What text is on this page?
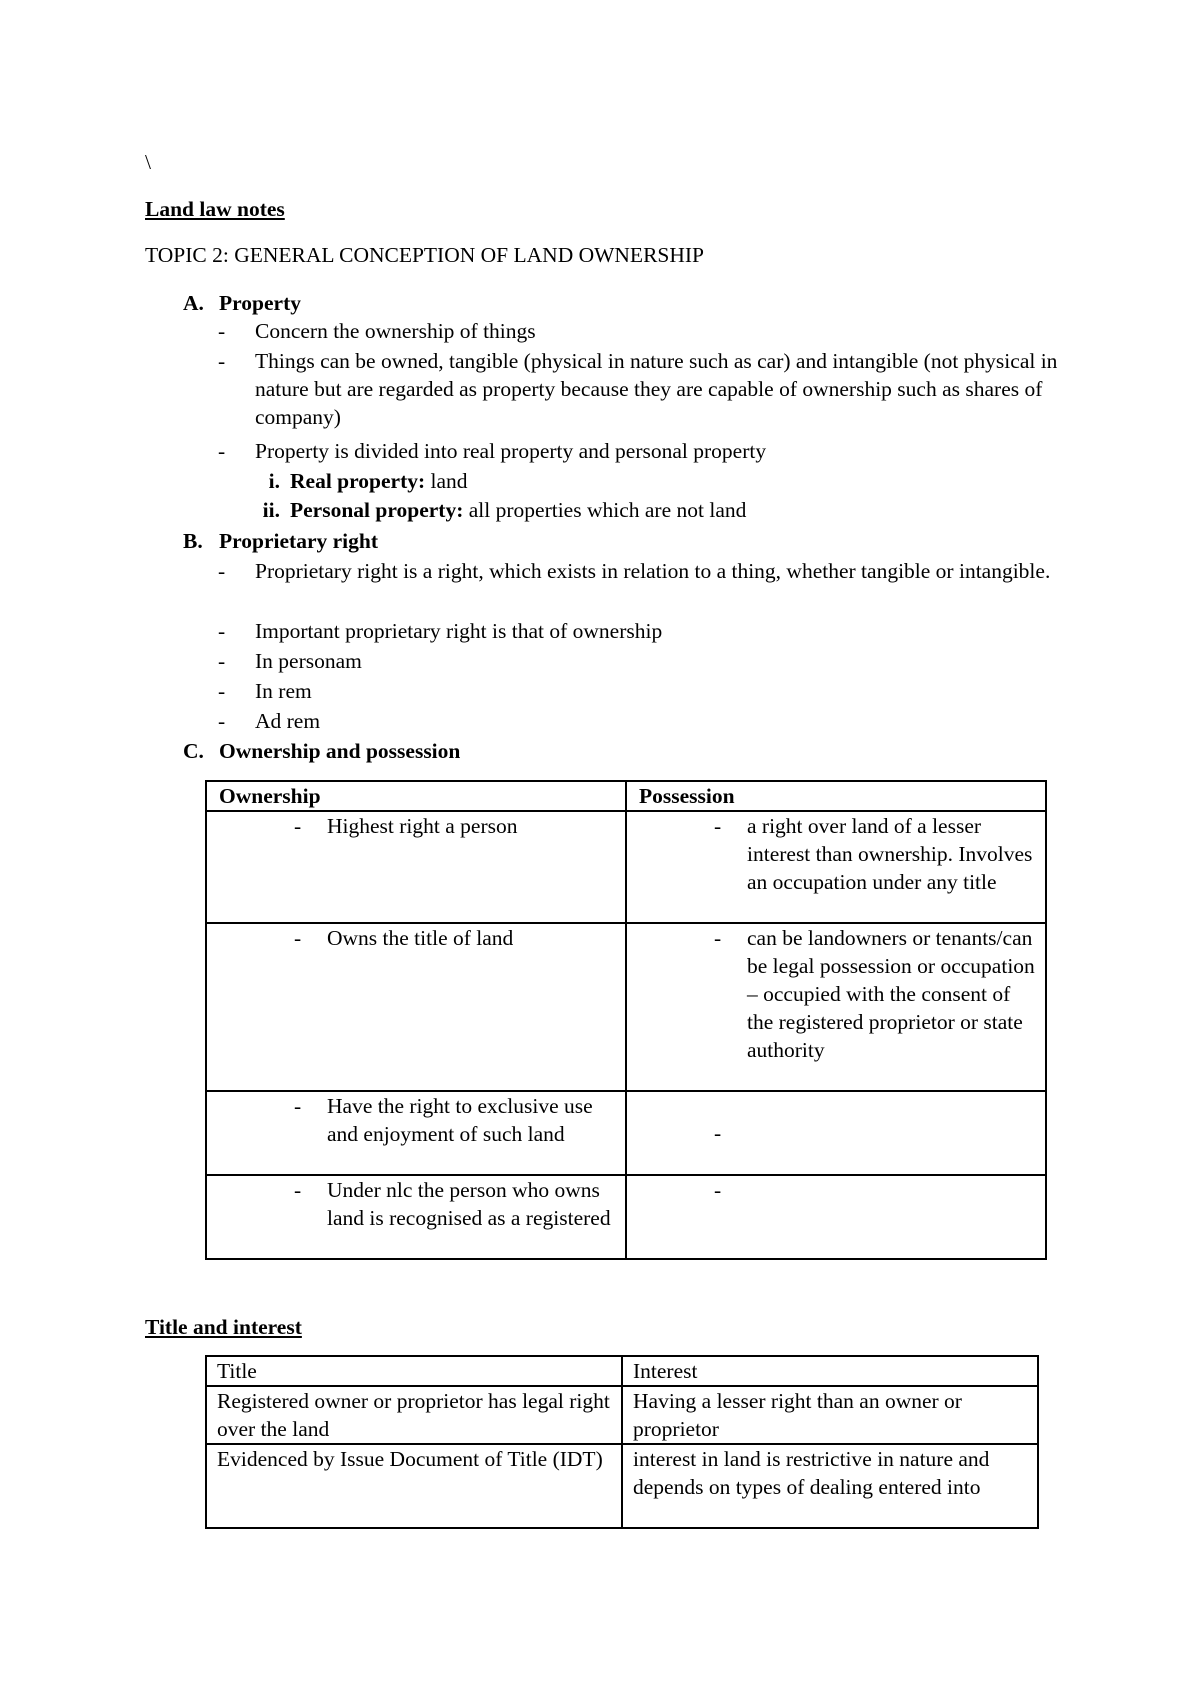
\
Land law notes
TOPIC 2: GENERAL CONCEPTION OF LAND OWNERSHIP
A. Property
-	Concern the ownership of things
-	Things can be owned, tangible (physical in nature such as car) and intangible (not physical in nature but are regarded as property because they are capable of ownership such as shares of company)
-	Property is divided into real property and personal property
i. Real property: land
ii. Personal property: all properties which are not land
B. Proprietary right
-	Proprietary right is a right, which exists in relation to a thing, whether tangible or intangible.
-	Important proprietary right is that of ownership
-	In personam
-	In rem
-	Ad rem
C. Ownership and possession
Ownership	Possession

- Highest right a person	- a right over land of a lesser interest than ownership. Involves an occupation under any title

- Owns the title of land	- can be landowners or tenants/can be legal possession or occupation – occupied with the consent of the registered proprietor or state authority

- Have the right to exclusive use and enjoyment of such land	-

- Under nlc the person who owns land is recognised as a registered	-
Title and interest
Title	Interest
Registered owner or proprietor has legal right over the land	Having a lesser right than an owner or proprietor
Evidenced by Issue Document of Title (IDT)	interest in land is restrictive in nature and depends on types of dealing entered into
